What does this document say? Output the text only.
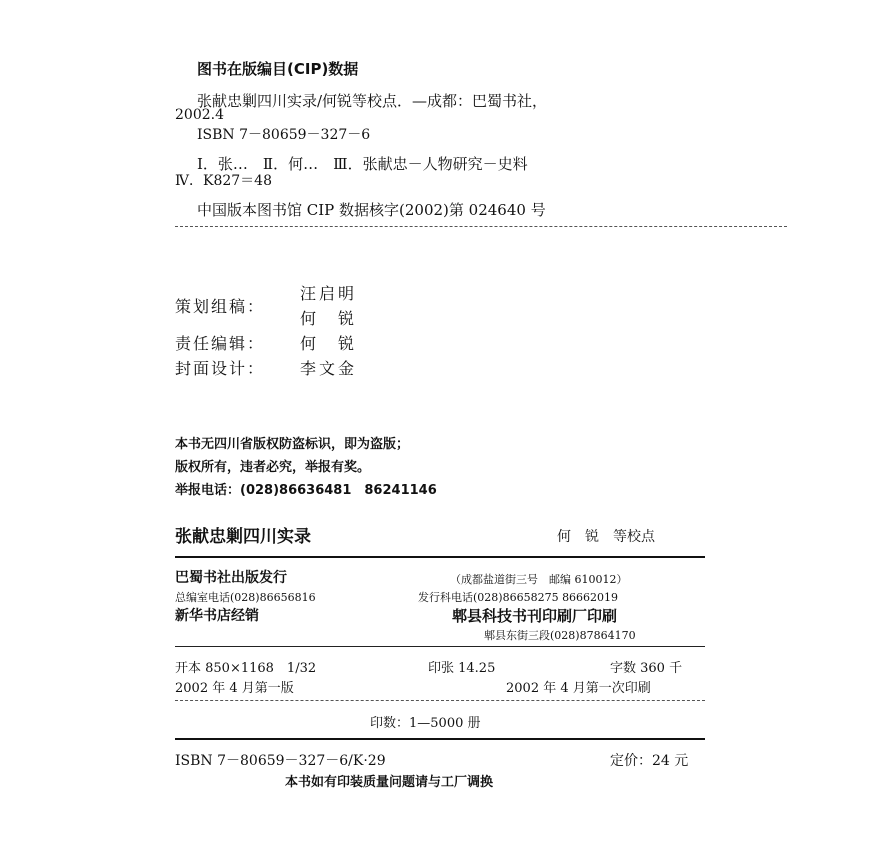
图书在版编目(CIP)数据
张献忠剿四川实录/何锐等校点．—成都：巴蜀书社，
2002.4
ISBN 7－80659－327－6
Ⅰ．张…　Ⅱ．何…　Ⅲ．张献忠－人物研究－史料
Ⅳ．K827＝48
中国版本图书馆 CIP 数据核字(2002)第 024640 号
策划组稿：
汪启明
何　锐
责任编辑： 何　锐
封面设计： 李文金
本书无四川省版权防盗标识，即为盗版；
版权所有，违者必究，举报有奖。
举报电话：(028)86636481　86241146
张献忠剿四川实录	何　锐　等校点
巴蜀书社出版发行	（成都盐道街三号　邮编 610012）
总编室电话(028)86656816	发行科电话(028)86658275 86662019
新华书店经销	郫县科技书刊印刷厂印刷
郫县东街三段(028)87864170
开本 850×1168　1/32	印张 14.25	字数 360 千
2002 年 4 月第一版	2002 年 4 月第一次印刷
印数：1—5000 册
ISBN 7－80659－327－6/K·29	定价：24 元
本书如有印装质量问题请与工厂调换
